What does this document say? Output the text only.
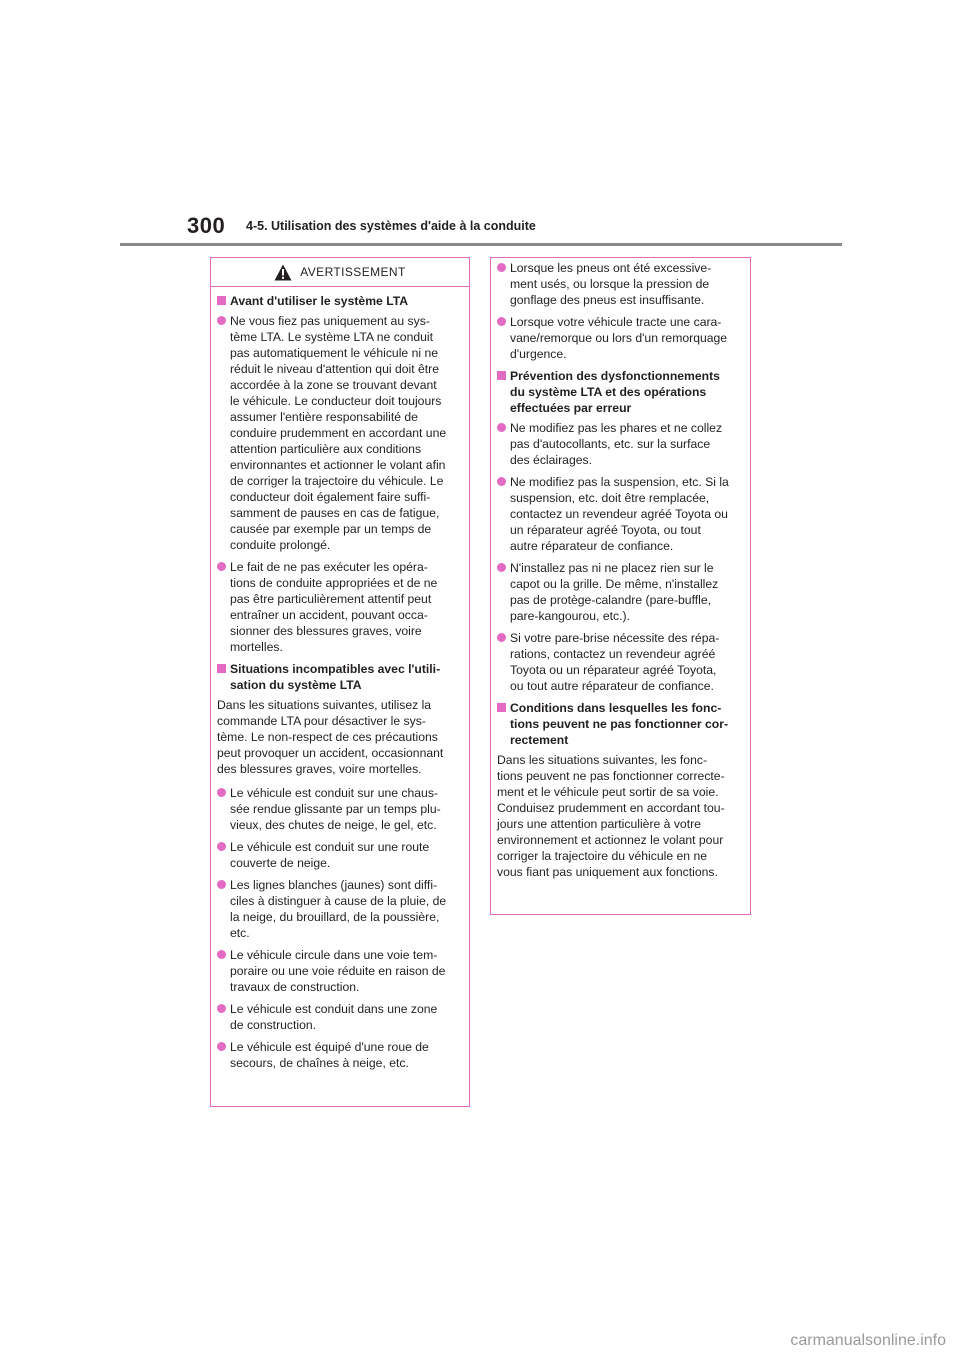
300 4-5. Utilisation des systèmes d'aide à la conduite
AVERTISSEMENT
Avant d'utiliser le système LTA
Ne vous fiez pas uniquement au sys-
tème LTA. Le système LTA ne conduit
pas automatiquement le véhicule ni ne
réduit le niveau d'attention qui doit être
accordée à la zone se trouvant devant
le véhicule. Le conducteur doit toujours
assumer l'entière responsabilité de
conduire prudemment en accordant une
attention particulière aux conditions
environnantes et actionner le volant afin
de corriger la trajectoire du véhicule. Le
conducteur doit également faire suffi-
samment de pauses en cas de fatigue,
causée par exemple par un temps de
conduite prolongé.
Le fait de ne pas exécuter les opéra-
tions de conduite appropriées et de ne
pas être particulièrement attentif peut
entraîner un accident, pouvant occa-
sionner des blessures graves, voire
mortelles.
Situations incompatibles avec l'utili-
sation du système LTA
Dans les situations suivantes, utilisez la
commande LTA pour désactiver le sys-
tème. Le non-respect de ces précautions
peut provoquer un accident, occasionnant
des blessures graves, voire mortelles.
Le véhicule est conduit sur une chaus-
sée rendue glissante par un temps plu-
vieux, des chutes de neige, le gel, etc.
Le véhicule est conduit sur une route
couverte de neige.
Les lignes blanches (jaunes) sont diffi-
ciles à distinguer à cause de la pluie, de
la neige, du brouillard, de la poussière,
etc.
Le véhicule circule dans une voie tem-
poraire ou une voie réduite en raison de
travaux de construction.
Le véhicule est conduit dans une zone
de construction.
Le véhicule est équipé d'une roue de
secours, de chaînes à neige, etc.
Lorsque les pneus ont été excessive-
ment usés, ou lorsque la pression de
gonflage des pneus est insuffisante.
Lorsque votre véhicule tracte une cara-
vane/remorque ou lors d'un remorquage
d'urgence.
Prévention des dysfonctionnements
du système LTA et des opérations
effectuées par erreur
Ne modifiez pas les phares et ne collez
pas d'autocollants, etc. sur la surface
des éclairages.
Ne modifiez pas la suspension, etc. Si la
suspension, etc. doit être remplacée,
contactez un revendeur agréé Toyota ou
un réparateur agréé Toyota, ou tout
autre réparateur de confiance.
N'installez pas ni ne placez rien sur le
capot ou la grille. De même, n'installez
pas de protège-calandre (pare-buffle,
pare-kangourou, etc.).
Si votre pare-brise nécessite des répa-
rations, contactez un revendeur agréé
Toyota ou un réparateur agréé Toyota,
ou tout autre réparateur de confiance.
Conditions dans lesquelles les fonc-
tions peuvent ne pas fonctionner cor-
rectement
Dans les situations suivantes, les fonc-
tions peuvent ne pas fonctionner correcte-
ment et le véhicule peut sortir de sa voie.
Conduisez prudemment en accordant tou-
jours une attention particulière à votre
environnement et actionnez le volant pour
corriger la trajectoire du véhicule en ne
vous fiant pas uniquement aux fonctions.
carmanualsonline.info
